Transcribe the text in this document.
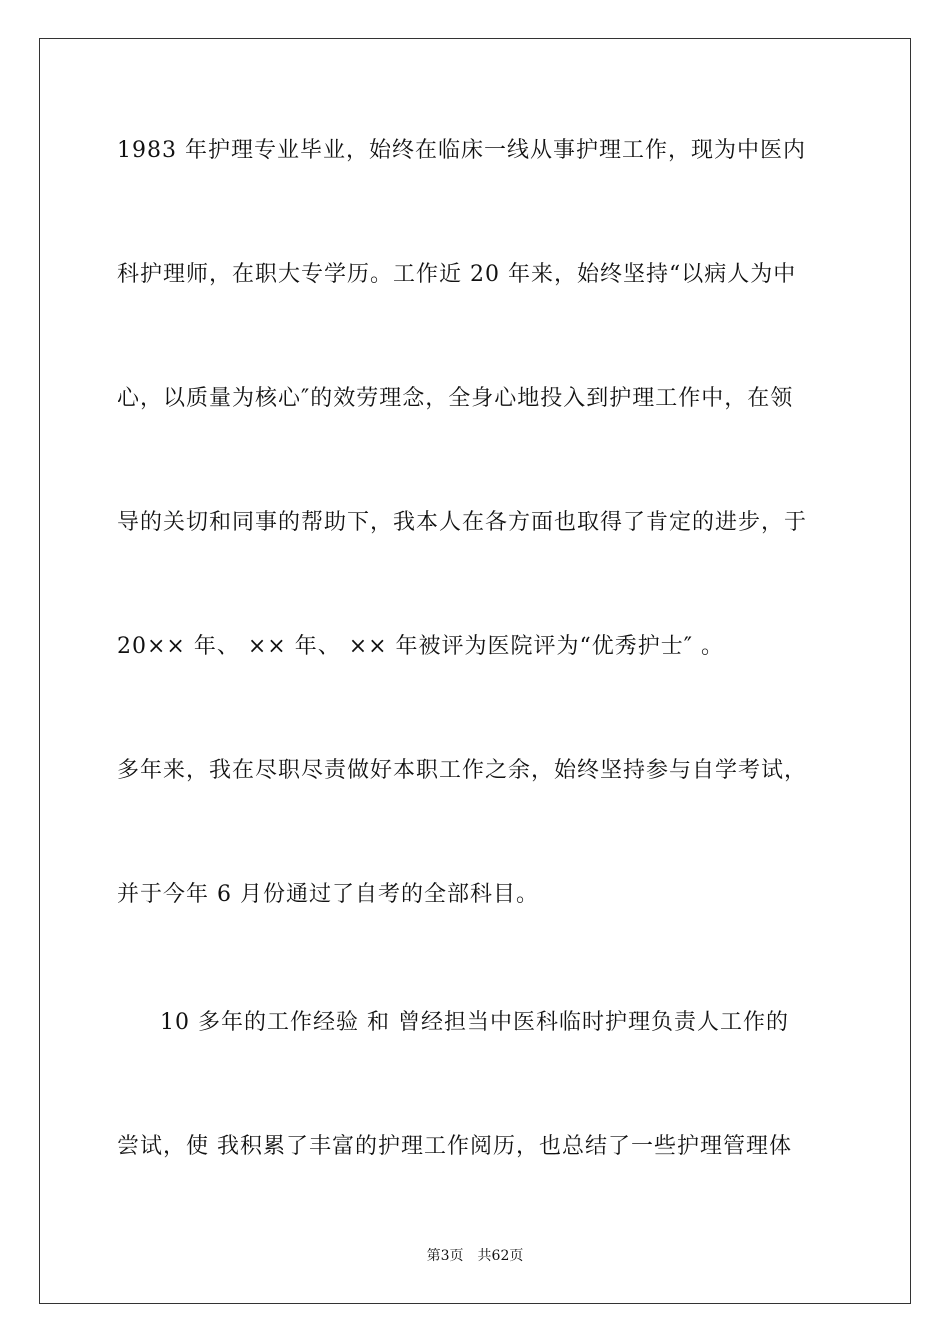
1983 年护理专业毕业，始终在临床一线从事护理工作，现为中医内
科护理师，在职大专学历。工作近 20 年来，始终坚持“以病人为中
心，以质量为核心″的效劳理念，全身心地投入到护理工作中，在领
导的关切和同事的帮助下，我本人在各方面也取得了肯定的进步，于
20×× 年、 ×× 年、 ×× 年被评为医院评为“优秀护士″ 。
多年来，我在尽职尽责做好本职工作之余，始终坚持参与自学考试，
并于今年 6 月份通过了自考的全部科目。
10 多年的工作经验 和 曾经担当中医科临时护理负责人工作的
尝试，使 我积累了丰富的护理工作阅历，也总结了一些护理管理体
第3页 共62页
